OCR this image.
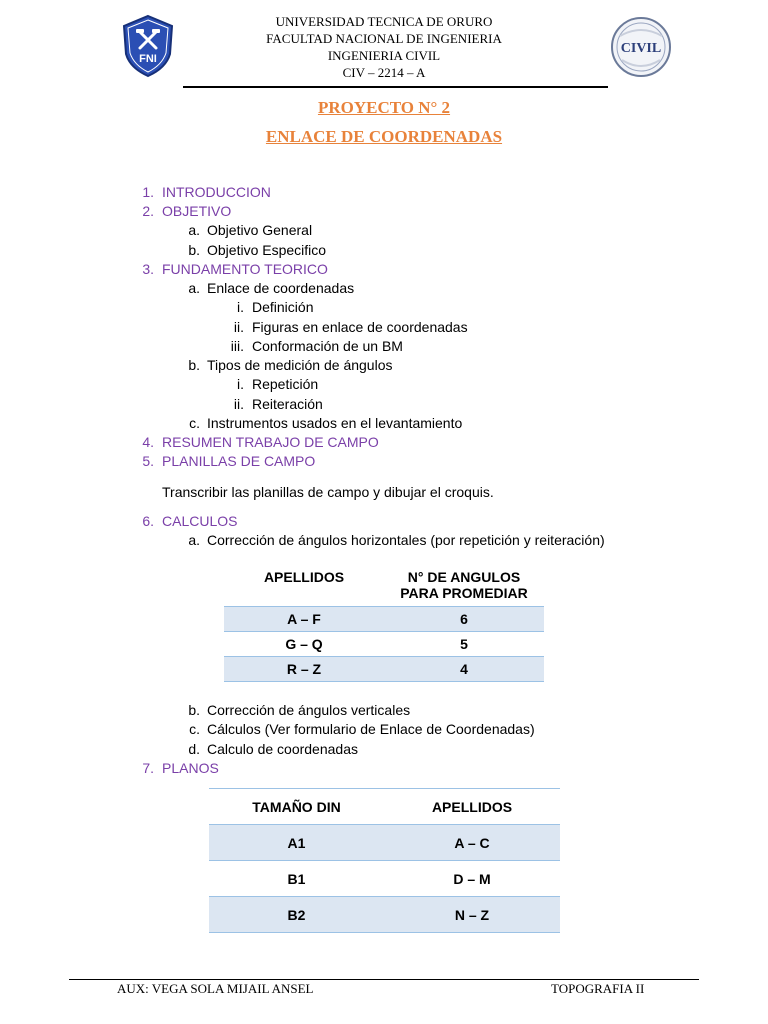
FNI
CIVIL
UNIVERSIDAD TECNICA DE ORURO
FACULTAD NACIONAL DE INGENIERIA
INGENIERIA CIVIL
CIV – 2214 – A
PROYECTO N° 2
ENLACE DE COORDENADAS
1. INTRODUCCION
2. OBJETIVO
a. Objetivo General
b. Objetivo Especifico
3. FUNDAMENTO TEORICO
a. Enlace de coordenadas
i. Definición
ii. Figuras en enlace de coordenadas
iii. Conformación de un BM
b. Tipos de medición de ángulos
i. Repetición
ii. Reiteración
c. Instrumentos usados en el levantamiento
4. RESUMEN TRABAJO DE CAMPO
5. PLANILLAS DE CAMPO
Transcribir las planillas de campo y dibujar el croquis.
6. CALCULOS
a. Corrección de ángulos horizontales (por repetición y reiteración)
APELLIDOS	N° DE ANGULOS
PARA PROMEDIAR
A – F	6
G – Q	5
R – Z	4
b. Corrección de ángulos verticales
c. Cálculos (Ver formulario de Enlace de Coordenadas)
d. Calculo de coordenadas
7. PLANOS
TAMAÑO DIN	APELLIDOS
A1	A – C
B1	D – M
B2	N – Z
AUX: VEGA SOLA MIJAIL ANSEL	TOPOGRAFIA II
